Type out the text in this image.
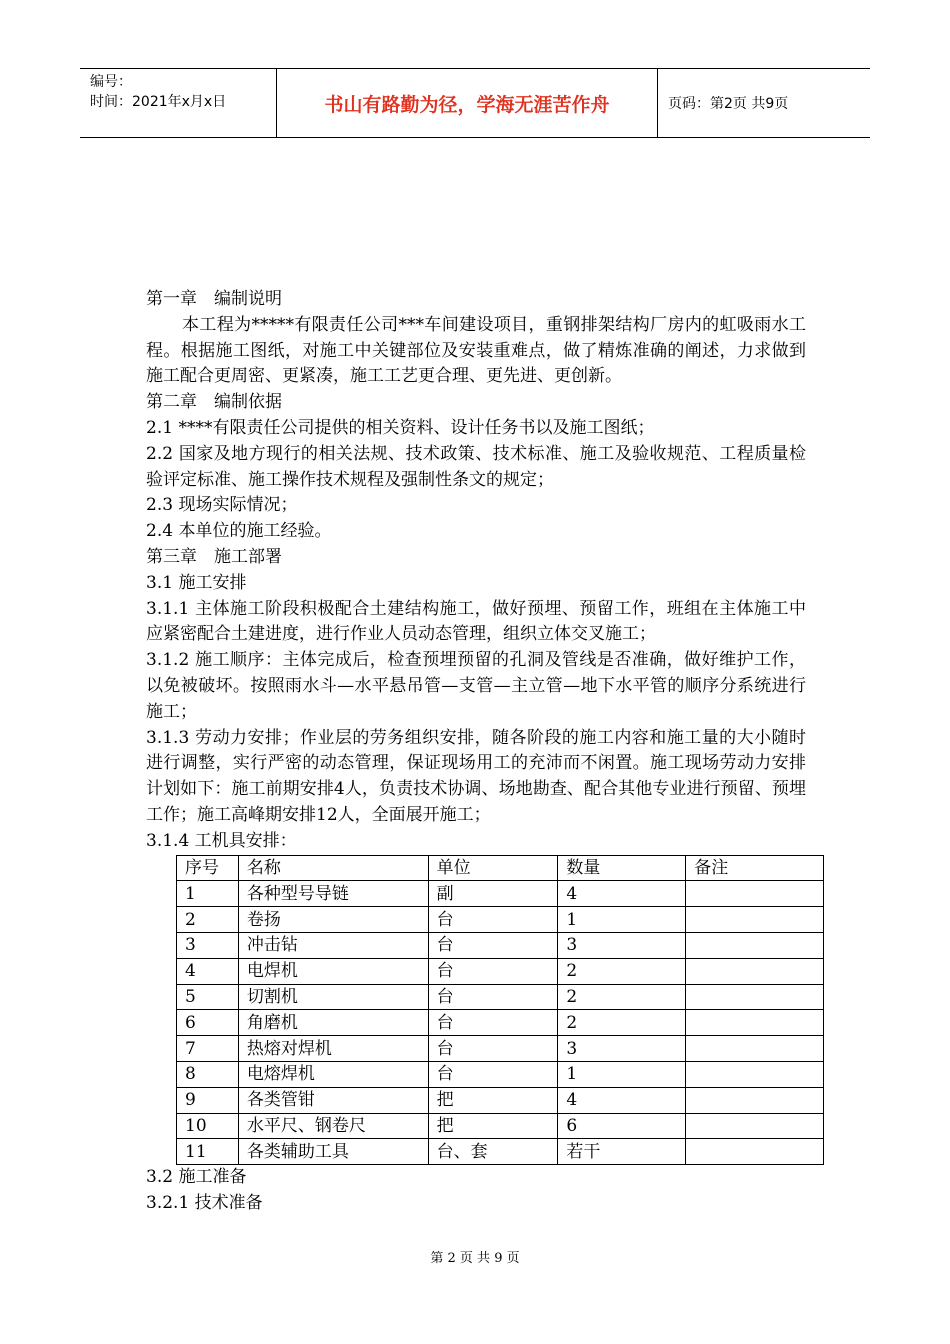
编号：
时间：2021年x月x日	书山有路勤为径，学海无涯苦作舟	页码：第2页 共9页

第一章　编制说明

本工程为*****有限责任公司***车间建设项目，重钢排架结构厂房内的虹吸雨水工程。根据施工图纸，对施工中关键部位及安装重难点，做了精炼准确的阐述，力求做到施工配合更周密、更紧凑，施工工艺更合理、更先进、更创新。

第二章　编制依据

2.1 ****有限责任公司提供的相关资料、设计任务书以及施工图纸；

2.2 国家及地方现行的相关法规、技术政策、技术标准、施工及验收规范、工程质量检验评定标准、施工操作技术规程及强制性条文的规定；

2.3 现场实际情况；

2.4 本单位的施工经验。

第三章　施工部署

3.1 施工安排

3.1.1 主体施工阶段积极配合土建结构施工，做好预埋、预留工作，班组在主体施工中应紧密配合土建进度，进行作业人员动态管理，组织立体交叉施工；

3.1.2 施工顺序：主体完成后，检查预埋预留的孔洞及管线是否准确，做好维护工作，以免被破坏。按照雨水斗—水平悬吊管—支管—主立管—地下水平管的顺序分系统进行施工；

3.1.3 劳动力安排；作业层的劳务组织安排，随各阶段的施工内容和施工量的大小随时进行调整，实行严密的动态管理，保证现场用工的充沛而不闲置。施工现场劳动力安排计划如下：施工前期安排4人，负责技术协调、场地勘查、配合其他专业进行预留、预埋工作；施工高峰期安排12人，全面展开施工；

3.1.4 工机具安排：

序号	名称	单位	数量	备注
1	各种型号导链	副	4	
2	卷扬	台	1	
3	冲击钻	台	3	
4	电焊机	台	2	
5	切割机	台	2	
6	角磨机	台	2	
7	热熔对焊机	台	3	
8	电熔焊机	台	1	
9	各类管钳	把	4	
10	水平尺、钢卷尺	把	6	
11	各类辅助工具	台、套	若干	

3.2 施工准备

3.2.1 技术准备

第 2 页 共 9 页
